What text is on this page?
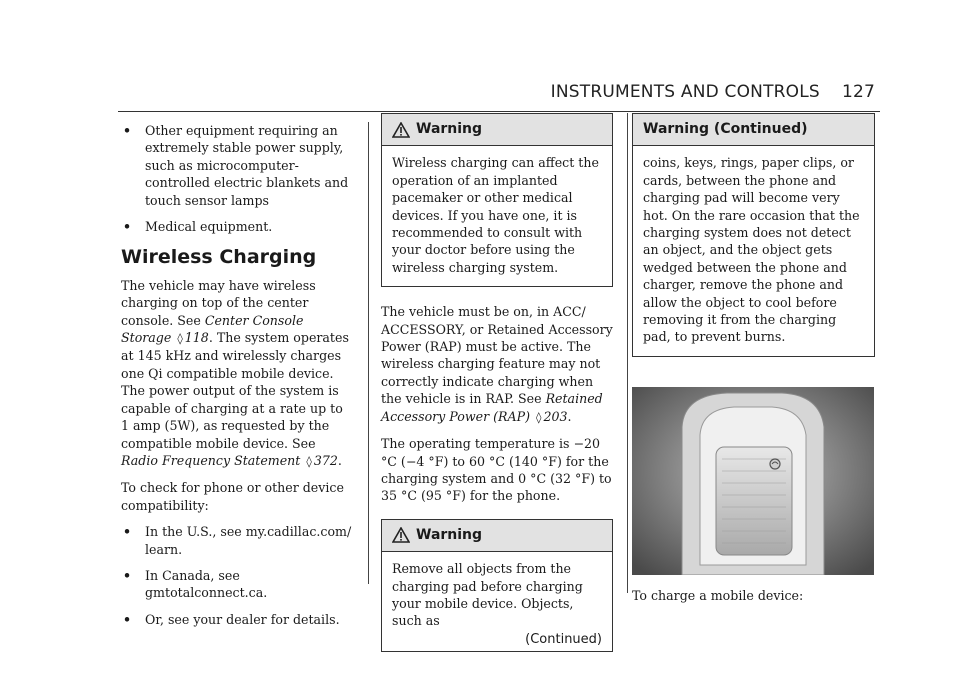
INSTRUMENTS AND CONTROLS 127
•	Other equipment requiring an extremely stable power supply, such as microcomputer-controlled electric blankets and touch sensor lamps
•	Medical equipment.
Wireless Charging

The vehicle may have wireless charging on top of the center console. See Center Console Storage ◊ 118. The system operates at 145 kHz and wirelessly charges one Qi compatible mobile device. The power output of the system is capable of charging at a rate up to 1 amp (5W), as requested by the compatible mobile device. See Radio Frequency Statement ◊ 372.

To check for phone or other device compatibility:

•	In the U.S., see my.cadillac.com/ learn.
•	In Canada, see gmtotalconnect.ca.
•	Or, see your dealer for details.
Warning
Wireless charging can affect the operation of an implanted pacemaker or other medical devices. If you have one, it is recommended to consult with your doctor before using the wireless charging system.

The vehicle must be on, in ACC/ ACCESSORY, or Retained Accessory Power (RAP) must be active. The wireless charging feature may not correctly indicate charging when the vehicle is in RAP. See Retained Accessory Power (RAP) ◊ 203.

The operating temperature is −20 °C (−4 °F) to 60 °C (140 °F) for the charging system and 0 °C (32 °F) to 35 °C (95 °F) for the phone.

Warning
Remove all objects from the charging pad before charging your mobile device. Objects, such as
(Continued)
Warning (Continued)
coins, keys, rings, paper clips, or cards, between the phone and charging pad will become very hot. On the rare occasion that the charging system does not detect an object, and the object gets wedged between the phone and charger, remove the phone and allow the object to cool before removing it from the charging pad, to prevent burns.

To charge a mobile device:
